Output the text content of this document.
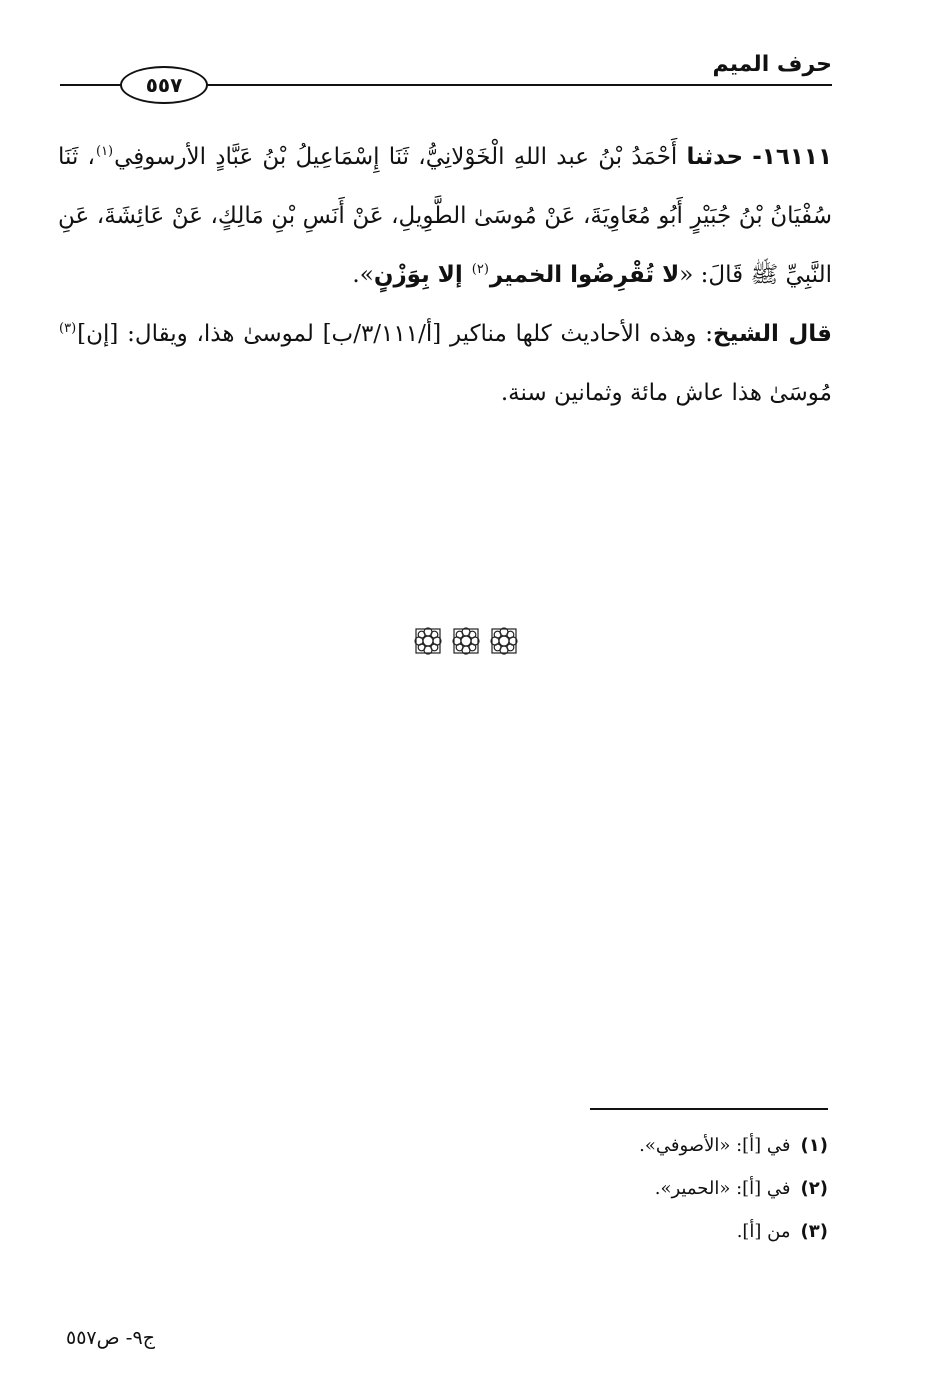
حرف الميم
٥٥٧

١٦١١١- حدثنا أَحْمَدُ بْنُ عبد اللهِ الْخَوْلانِيُّ، ثَنَا إِسْمَاعِيلُ بْنُ عَبَّادٍ الأرسوفِي$^{(١)}$، ثَنَا سُفْيَانُ بْنُ جُبَيْرٍ أَبُو مُعَاوِيَةَ، عَنْ مُوسَىٰ الطَّوِيلِ، عَنْ أَنَسِ بْنِ مَالِكٍ، عَنْ عَائِشَةَ، عَنِ النَّبِيِّ ﷺ قَالَ: «لا تُقْرِضُوا الخمير$^{(٢)}$ إلا بِوَزْنٍ».

قال الشيخ: وهذه الأحاديث كلها مناكير [أ/٣/١١١/ب] لموسىٰ هذا، ويقال: [إن]$^{(٣)}$ مُوسَىٰ هذا عاش مائة وثمانين سنة.

(١)في [أ]: «الأصوفي».
(٢)في [أ]: «الحمير».
(٣)من [أ].
ج٩- ص٥٥٧
